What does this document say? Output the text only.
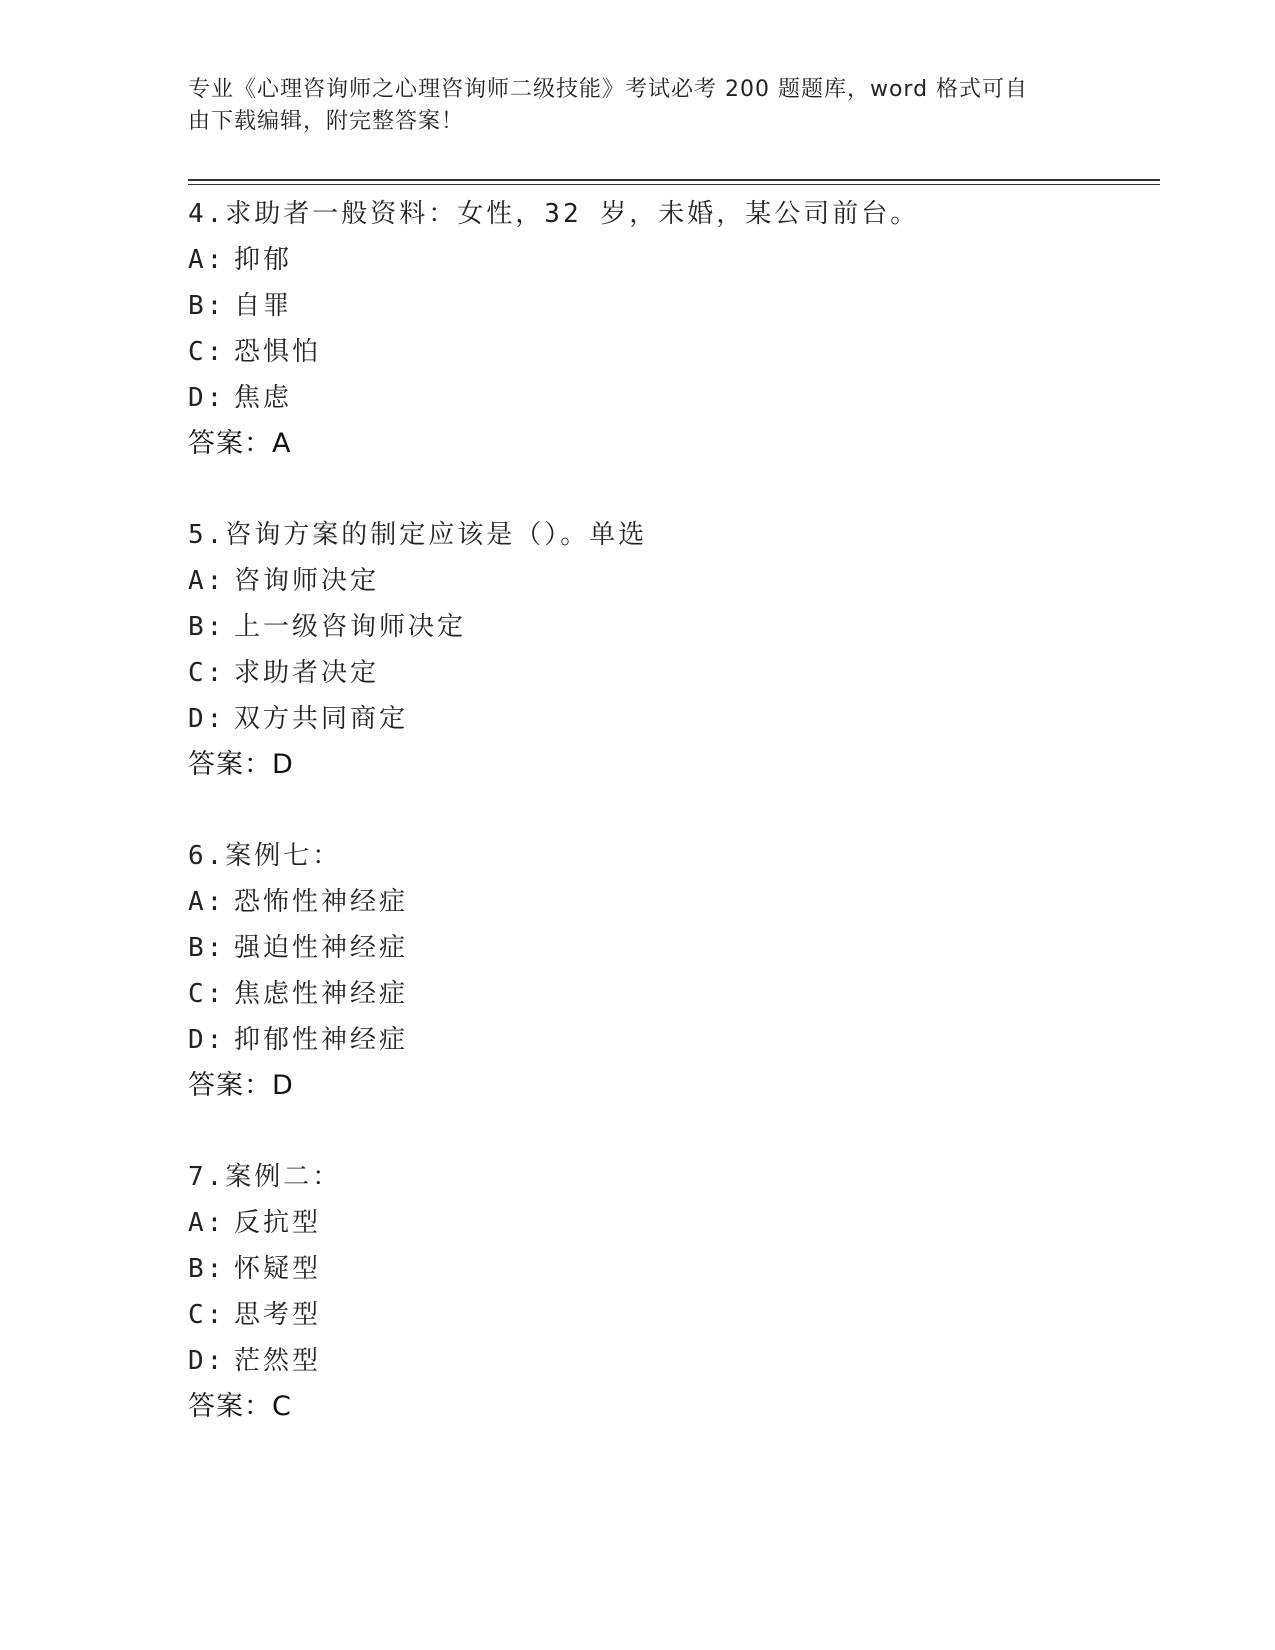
专业《心理咨询师之心理咨询师二级技能》考试必考 200 题题库，word 格式可自
由下载编辑，附完整答案！
4.求助者一般资料：女性，32 岁，未婚，某公司前台。
A: 抑郁
B: 自罪
C: 恐惧怕
D: 焦虑
答案：A
5.咨询方案的制定应该是（）。单选
A: 咨询师决定
B: 上一级咨询师决定
C: 求助者决定
D: 双方共同商定
答案：D
6.案例七：
A: 恐怖性神经症
B: 强迫性神经症
C: 焦虑性神经症
D: 抑郁性神经症
答案：D
7.案例二：
A: 反抗型
B: 怀疑型
C: 思考型
D: 茫然型
答案：C
